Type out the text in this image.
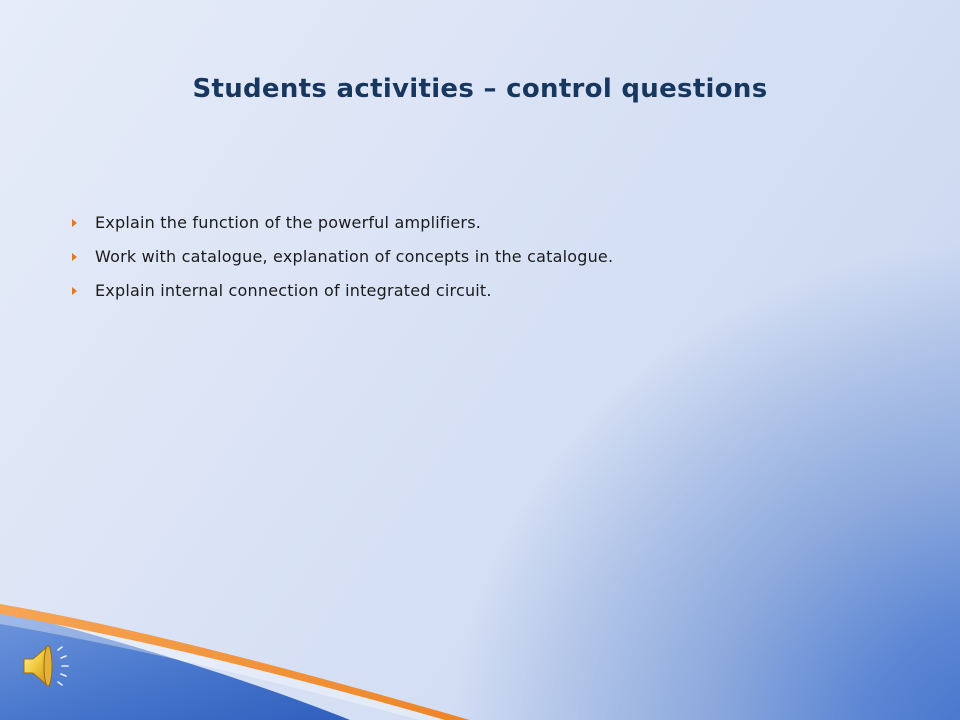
Students activities – control questions
Explain the function of the powerful amplifiers.
Work with catalogue, explanation of concepts in the catalogue.
Explain internal connection of integrated circuit.
